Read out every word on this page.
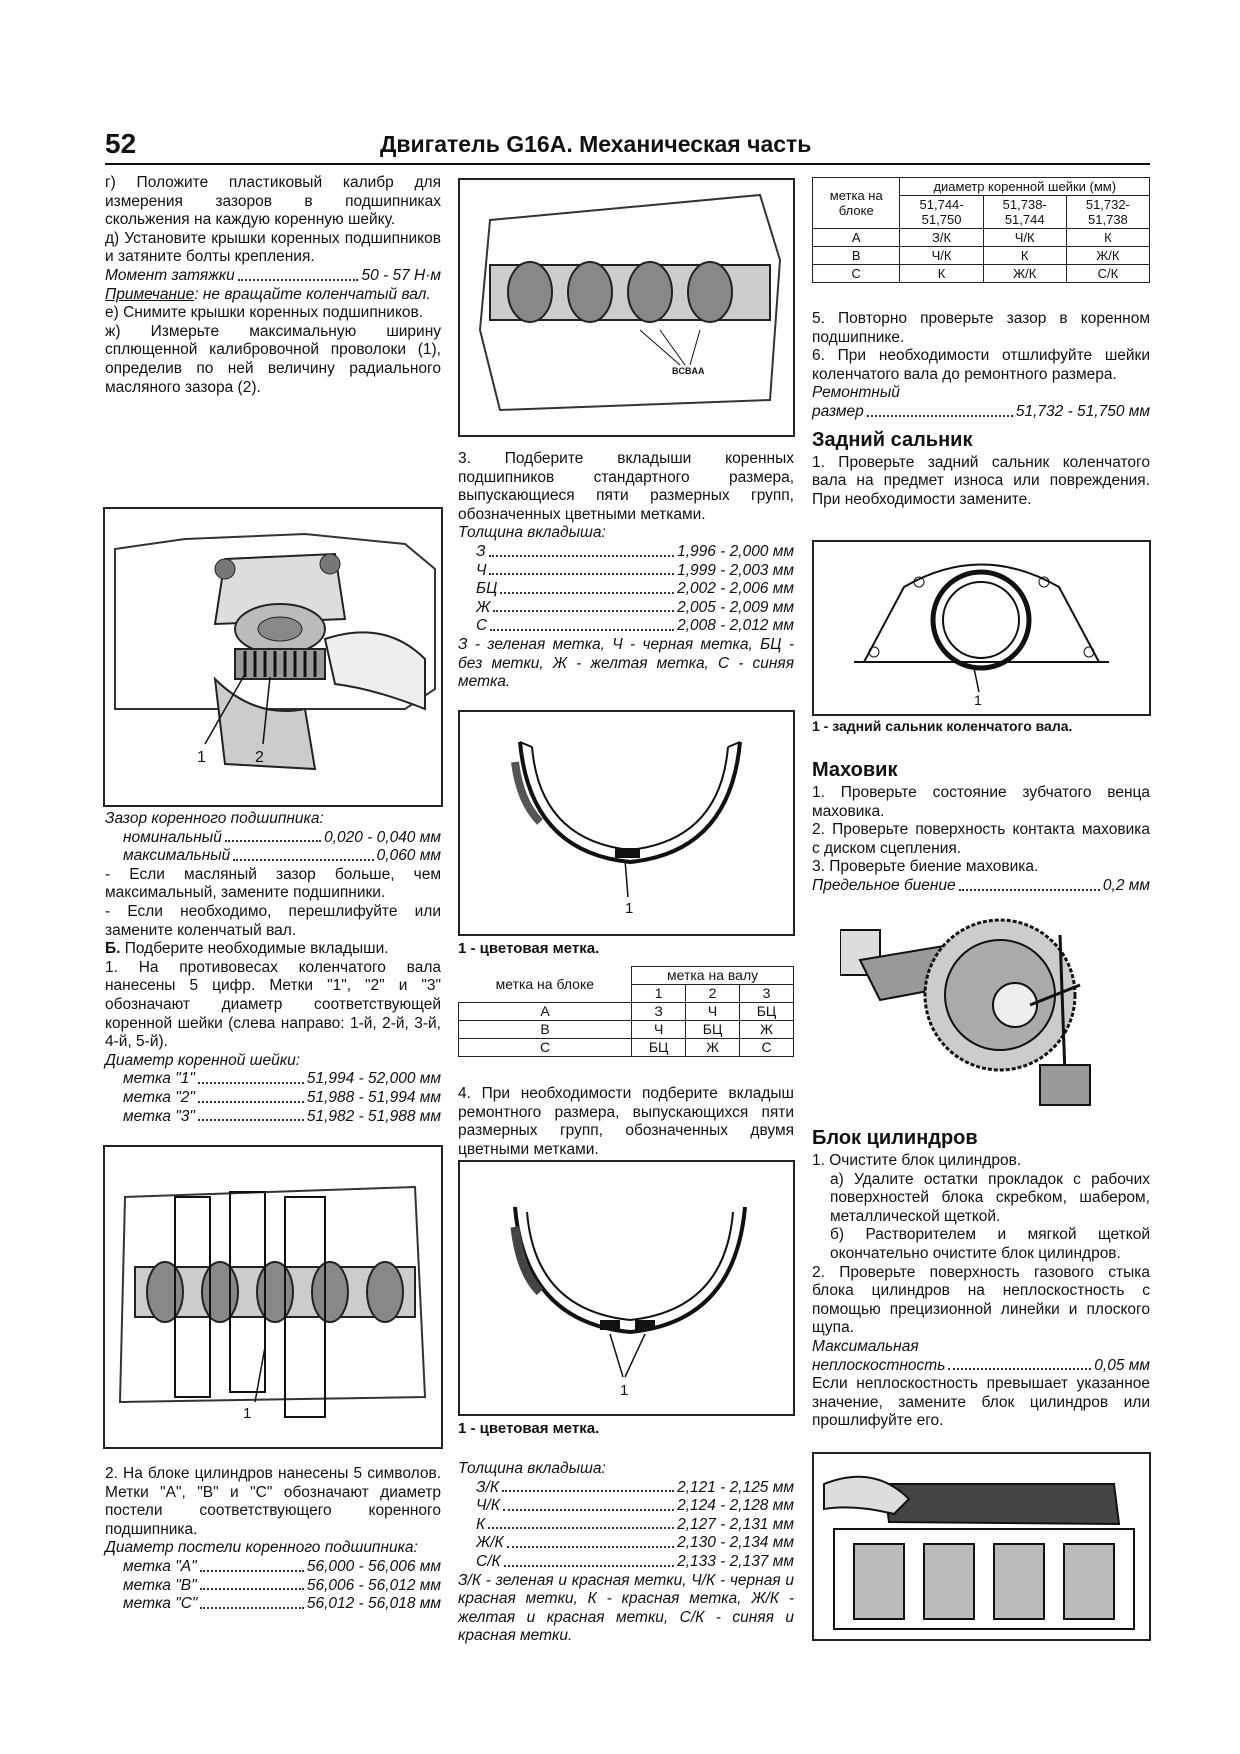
52	Двигатель G16A. Механическая часть

г) Положите пластиковый калибр для измерения зазоров в подшипниках скольжения на каждую коренную шейку.

д) Установите крышки коренных подшипников и затяните болты крепления.

Момент затяжки	50 - 57 Н·м

Примечание: не вращайте коленчатый вал.

е) Снимите крышки коренных подшипников.

ж) Измерьте максимальную ширину сплющенной калибровочной проволоки (1), определив по ней величину радиального масляного зазора (2).

1	2

Зазор коренного подшипника:

номинальный	0,020 - 0,040 мм
максимальный	0,060 мм

- Если масляный зазор больше, чем максимальный, замените подшипники.

- Если необходимо, перешлифуйте или замените коленчатый вал.

Б. Подберите необходимые вкладыши.

1. На противовесах коленчатого вала нанесены 5 цифр. Метки "1", "2" и "3" обозначают диаметр соответствующей коренной шейки (слева направо: 1-й, 2-й, 3-й, 4-й, 5-й).

Диаметр коренной шейки:

метка "1"	51,994 - 52,000 мм
метка "2"	51,988 - 51,994 мм
метка "3"	51,982 - 51,988 мм
1

2. На блоке цилиндров нанесены 5 символов. Метки "A", "B" и "C" обозначают диаметр постели соответствующего коренного подшипника.

Диаметр постели коренного подшипника:

метка "A"	56,000 - 56,006 мм
метка "B"	56,006 - 56,012 мм
метка "C"	56,012 - 56,018 мм
BCBAA

3. Подберите вкладыши коренных подшипников стандартного размера, выпускающиеся пяти размерных групп, обозначенных цветными метками.

Толщина вкладыша:

З	1,996 - 2,000 мм
Ч	1,999 - 2,003 мм
БЦ	2,002 - 2,006 мм
Ж	2,005 - 2,009 мм
С	2,008 - 2,012 мм

З - зеленая метка, Ч - черная метка, БЦ - без метки, Ж - желтая метка, С - синяя метка.

1
1 - цветовая метка.
метка на блоке	метка на валу		
	1	2	3
A	З	Ч	БЦ
B	Ч	БЦ	Ж
C	БЦ	Ж	С

4. При необходимости подберите вкладыш ремонтного размера, выпускающихся пяти размерных групп, обозначенных двумя цветными метками.

1
1 - цветовая метка.

Толщина вкладыша:

З/К	2,121 - 2,125 мм
Ч/К	2,124 - 2,128 мм
К	2,127 - 2,131 мм
Ж/К	2,130 - 2,134 мм
С/К	2,133 - 2,137 мм

З/К - зеленая и красная метки, Ч/К - черная и красная метки, К - красная метка, Ж/К - желтая и красная метки, С/К - синяя и красная метки.

метка на блоке	диаметр коренной шейки (мм)		
	51,744-51,750	51,738-51,744	51,732-51,738
A	З/К	Ч/К	К
B	Ч/К	К	Ж/К
C	К	Ж/К	С/К

5. Повторно проверьте зазор в коренном подшипнике.

6. При необходимости отшлифуйте шейки коленчатого вала до ремонтного размера.

Ремонтный

размер	51,732 - 51,750 мм
Задний сальник

1. Проверьте задний сальник коленчатого вала на предмет износа или повреждения. При необходимости замените.

1
1 - задний сальник коленчатого вала.
Маховик

1. Проверьте состояние зубчатого венца маховика.

2. Проверьте поверхность контакта маховика с диском сцепления.

3. Проверьте биение маховика.

Предельное биение	0,2 мм
Блок цилиндров

1. Очистите блок цилиндров.

а) Удалите остатки прокладок с рабочих поверхностей блока скребком, шабером, металлической щеткой.

б) Растворителем и мягкой щеткой окончательно очистите блок цилиндров.

2. Проверьте поверхность газового стыка блока цилиндров на неплоскостность с помощью прецизионной линейки и плоского щупа.

Максимальная

неплоскостность	0,05 мм

Если неплоскостность превышает указанное значение, замените блок цилиндров или прошлифуйте его.
